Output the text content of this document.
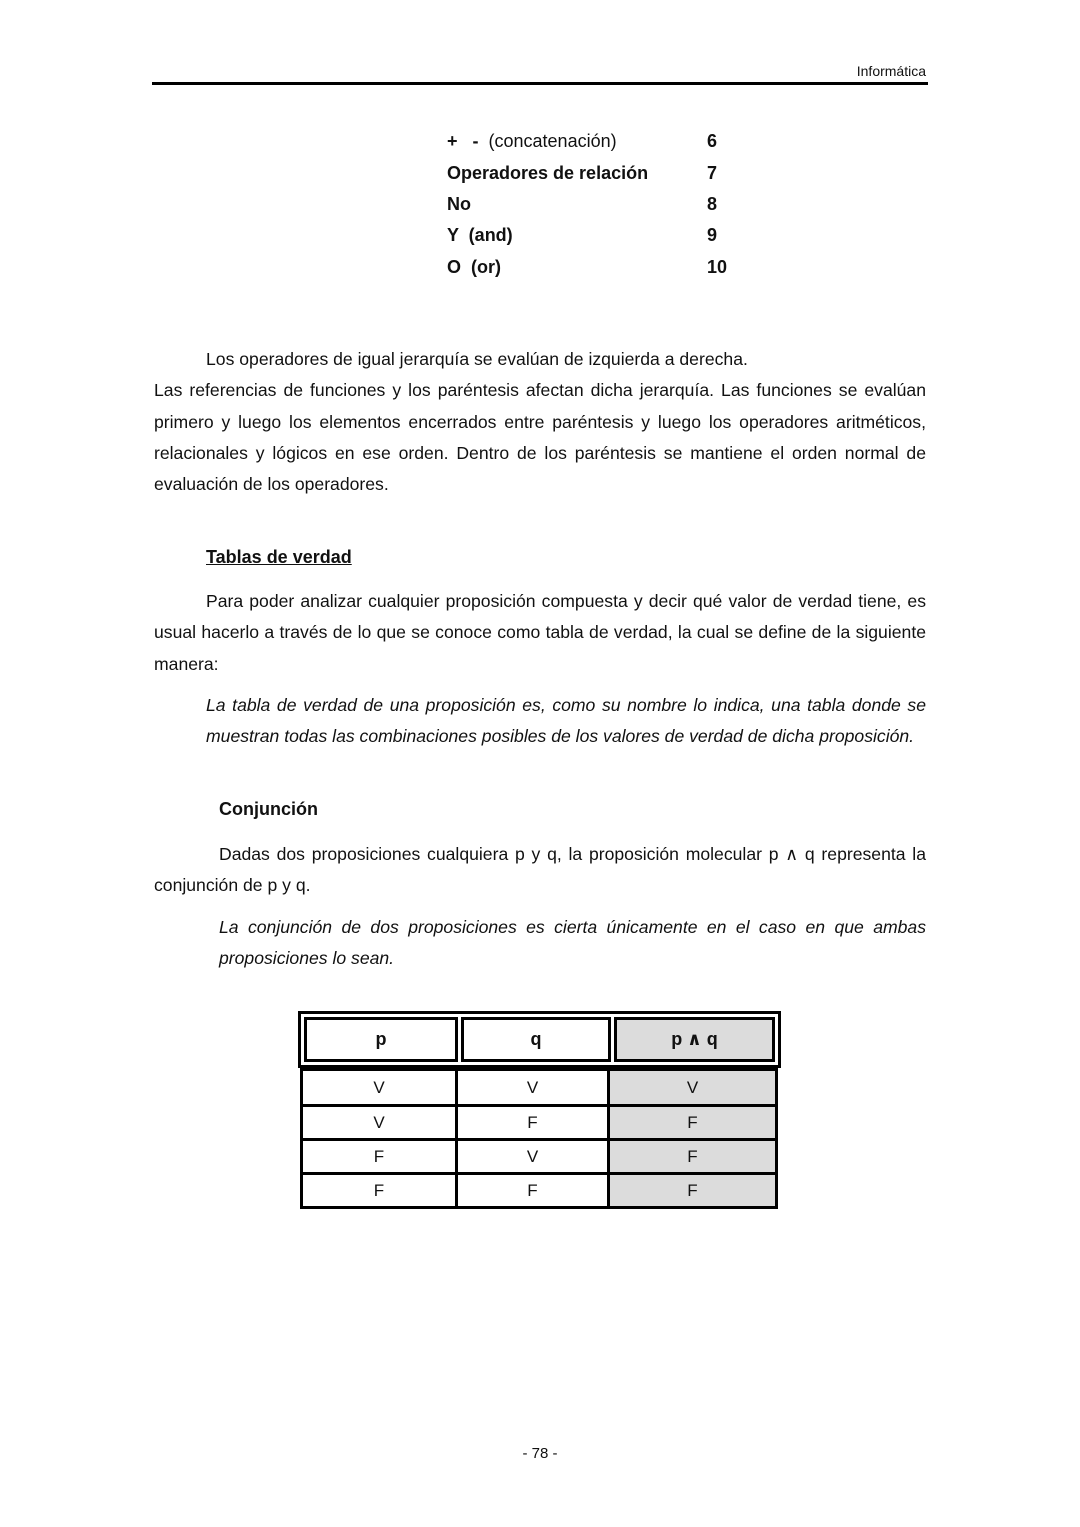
Informática
+   -  (concatenación)	6
Operadores de relación	7
No	8
Y  (and)	9
O  (or)	10
Los operadores de igual jerarquía se evalúan de izquierda a derecha.
Las referencias de funciones y los paréntesis afectan dicha jerarquía. Las funciones se evalúan primero y luego los elementos encerrados entre paréntesis y luego los operadores aritméticos, relacionales y lógicos en ese orden. Dentro de los paréntesis se mantiene el orden normal de evaluación de los operadores.
Tablas de verdad
Para poder analizar cualquier proposición compuesta y decir qué valor de verdad tiene, es usual hacerlo a través de lo que se conoce como tabla de verdad, la cual se define de la siguiente manera:
La tabla de verdad de una proposición es, como su nombre lo indica, una tabla donde se muestran todas las combinaciones posibles de los valores de verdad de dicha proposición.
Conjunción
Dadas dos proposiciones cualquiera p y q, la proposición molecular p ∧ q representa la conjunción de p y q.
La conjunción de dos proposiciones es cierta únicamente en el caso en que ambas proposiciones lo sean.
p	q	p ∧ q
V	V	V
V	F	F
F	V	F
F	F	F
- 78 -
